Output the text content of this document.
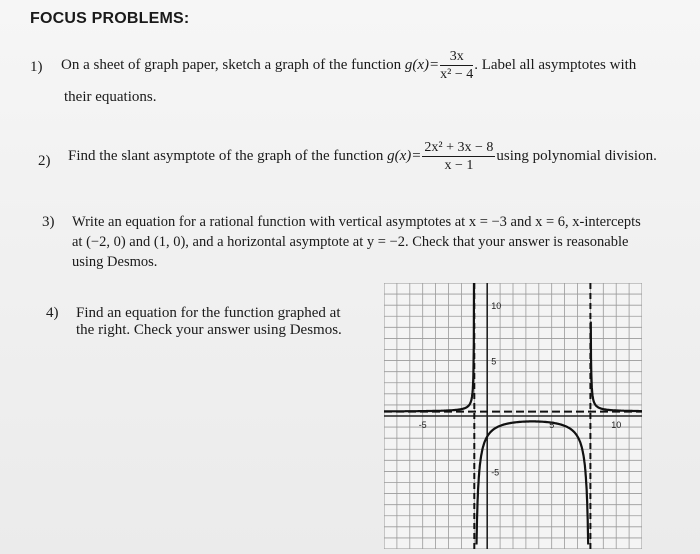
FOCUS PROBLEMS:
1) On a sheet of graph paper, sketch a graph of the function $g(x)= \frac{3x}{\text{x² − 4}}$ . Label all asymptotes with
their equations.
2) Find the slant asymptote of the graph of the function $g(x)= \frac{\text{2x² + 3x − 8}}{x - 1}$ using polynomial division.
3) Write an equation for a rational function with vertical asymptotes at x = −3 and x = 6, x-intercepts
at (−2, 0) and (1, 0), and a horizontal asymptote at y = −2. Check that your answer is reasonable
using Desmos.
4) Find an equation for the function graphed at
the right. Check your answer using Desmos.
-5	5	10
10
5
-5
